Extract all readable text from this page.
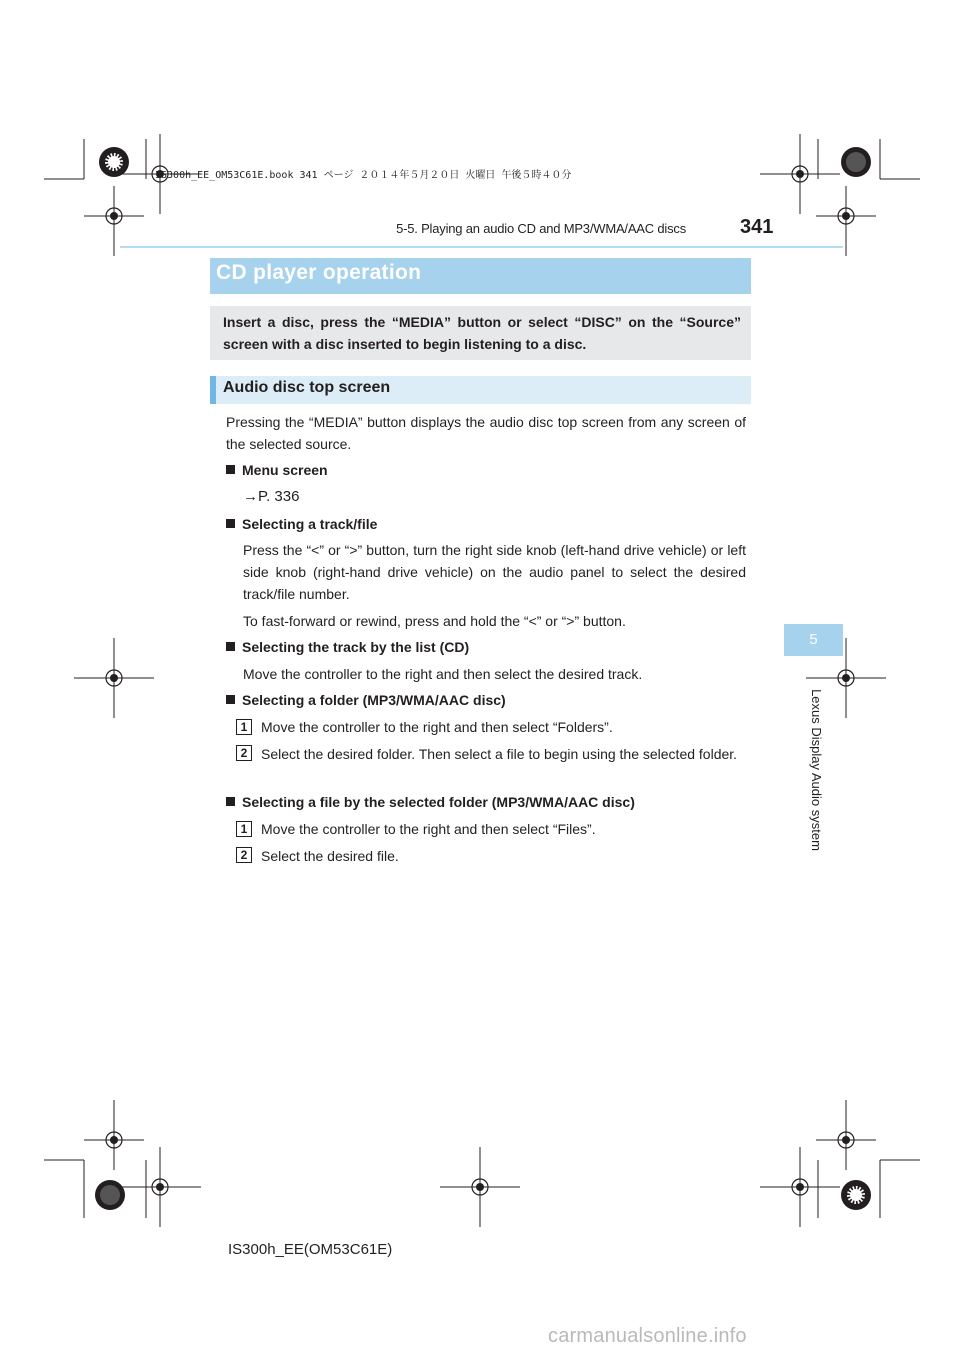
IS300h_EE_OM53C61E.book 341 ページ ２０１４年５月２０日 火曜日 午後５時４０分
5-5. Playing an audio CD and MP3/WMA/AAC discs	341
CD player operation
Insert a disc, press the “MEDIA” button or select “DISC” on the “Source” screen with a disc inserted to begin listening to a disc.
Audio disc top screen
Pressing the “MEDIA” button displays the audio disc top screen from any screen of the selected source.
Menu screen
→P. 336
Selecting a track/file
Press the “<” or “>” button, turn the right side knob (left-hand drive vehicle) or left side knob (right-hand drive vehicle) on the audio panel to select the desired track/file number.
To fast-forward or rewind, press and hold the “<” or “>” button.
Selecting the track by the list (CD)
Move the controller to the right and then select the desired track.
Selecting a folder (MP3/WMA/AAC disc)
1 Move the controller to the right and then select “Folders”.
2 Select the desired folder. Then select a file to begin using the selected folder.
Selecting a file by the selected folder (MP3/WMA/AAC disc)
1 Move the controller to the right and then select “Files”.
2 Select the desired file.
5
Lexus Display Audio system
IS300h_EE(OM53C61E)
carmanualsonline.info
